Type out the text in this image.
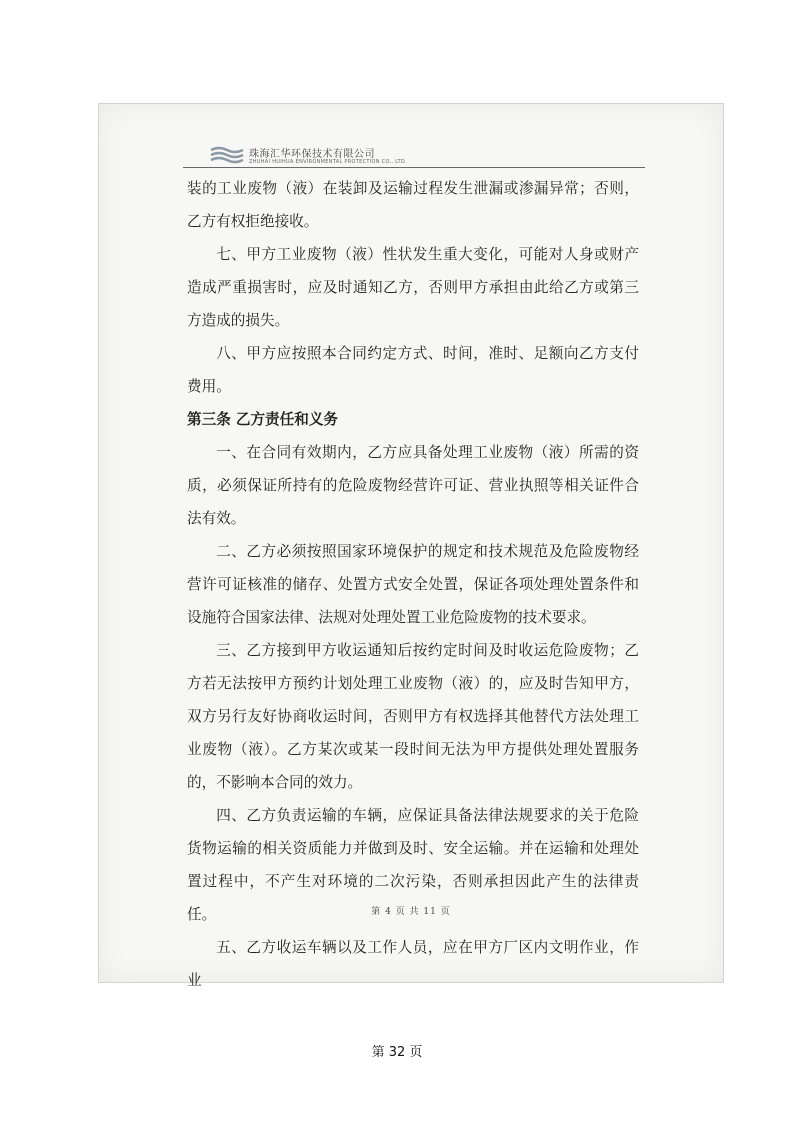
珠海汇华环保技术有限公司
ZHUHAI HUIHUA ENVIRONMENTAL PROTECTION CO., LTD.

装的工业废物（液）在装卸及运输过程发生泄漏或渗漏异常；否则，乙方有权拒绝接收。

七、甲方工业废物（液）性状发生重大变化，可能对人身或财产造成严重损害时，应及时通知乙方，否则甲方承担由此给乙方或第三方造成的损失。

八、甲方应按照本合同约定方式、时间，准时、足额向乙方支付费用。

第三条 乙方责任和义务

一、在合同有效期内，乙方应具备处理工业废物（液）所需的资质，必须保证所持有的危险废物经营许可证、营业执照等相关证件合法有效。

二、乙方必须按照国家环境保护的规定和技术规范及危险废物经营许可证核准的储存、处置方式安全处置，保证各项处理处置条件和设施符合国家法律、法规对处理处置工业危险废物的技术要求。

三、乙方接到甲方收运通知后按约定时间及时收运危险废物；乙方若无法按甲方预约计划处理工业废物（液）的，应及时告知甲方，双方另行友好协商收运时间，否则甲方有权选择其他替代方法处理工业废物（液）。乙方某次或某一段时间无法为甲方提供处理处置服务的，不影响本合同的效力。

四、乙方负责运输的车辆，应保证具备法律法规要求的关于危险货物运输的相关资质能力并做到及时、安全运输。并在运输和处理处置过程中，不产生对环境的二次污染，否则承担因此产生的法律责任。

五、乙方收运车辆以及工作人员，应在甲方厂区内文明作业，作业

第 4 页 共 11 页
第 32 页
